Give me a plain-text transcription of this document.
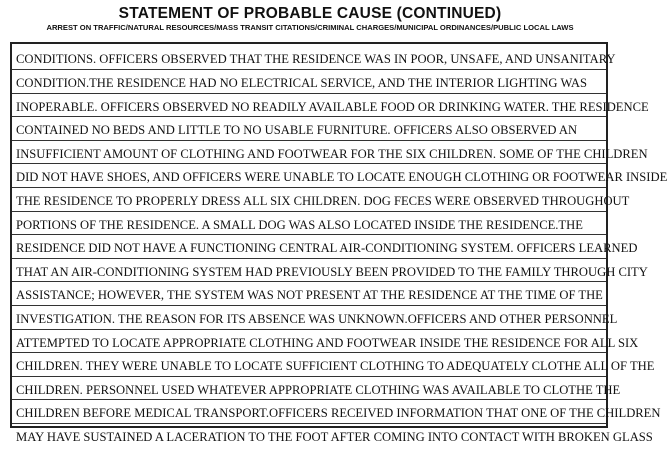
STATEMENT OF PROBABLE CAUSE (CONTINUED)
ARREST ON TRAFFIC/NATURAL RESOURCES/MASS TRANSIT CITATIONS/CRIMINAL CHARGES/MUNICIPAL ORDINANCES/PUBLIC LOCAL LAWS
CONDITIONS. OFFICERS OBSERVED THAT THE RESIDENCE WAS IN POOR, UNSAFE, AND UNSANITARY
CONDITION.THE RESIDENCE HAD NO ELECTRICAL SERVICE, AND THE INTERIOR LIGHTING WAS
INOPERABLE. OFFICERS OBSERVED NO READILY AVAILABLE FOOD OR DRINKING WATER. THE RESIDENCE
CONTAINED NO BEDS AND LITTLE TO NO USABLE FURNITURE. OFFICERS ALSO OBSERVED AN
INSUFFICIENT AMOUNT OF CLOTHING AND FOOTWEAR FOR THE SIX CHILDREN. SOME OF THE CHILDREN
DID NOT HAVE SHOES, AND OFFICERS WERE UNABLE TO LOCATE ENOUGH CLOTHING OR FOOTWEAR INSIDE
THE RESIDENCE TO PROPERLY DRESS ALL SIX CHILDREN. DOG FECES WERE OBSERVED THROUGHOUT
PORTIONS OF THE RESIDENCE. A SMALL DOG WAS ALSO LOCATED INSIDE THE RESIDENCE.THE
RESIDENCE DID NOT HAVE A FUNCTIONING CENTRAL AIR-CONDITIONING SYSTEM. OFFICERS LEARNED
THAT AN AIR-CONDITIONING SYSTEM HAD PREVIOUSLY BEEN PROVIDED TO THE FAMILY THROUGH CITY
ASSISTANCE; HOWEVER, THE SYSTEM WAS NOT PRESENT AT THE RESIDENCE AT THE TIME OF THE
INVESTIGATION. THE REASON FOR ITS ABSENCE WAS UNKNOWN.OFFICERS AND OTHER PERSONNEL
ATTEMPTED TO LOCATE APPROPRIATE CLOTHING AND FOOTWEAR INSIDE THE RESIDENCE FOR ALL SIX
CHILDREN. THEY WERE UNABLE TO LOCATE SUFFICIENT CLOTHING TO ADEQUATELY CLOTHE ALL OF THE
CHILDREN. PERSONNEL USED WHATEVER APPROPRIATE CLOTHING WAS AVAILABLE TO CLOTHE THE
CHILDREN BEFORE MEDICAL TRANSPORT.OFFICERS RECEIVED INFORMATION THAT ONE OF THE CHILDREN
MAY HAVE SUSTAINED A LACERATION TO THE FOOT AFTER COMING INTO CONTACT WITH BROKEN GLASS
